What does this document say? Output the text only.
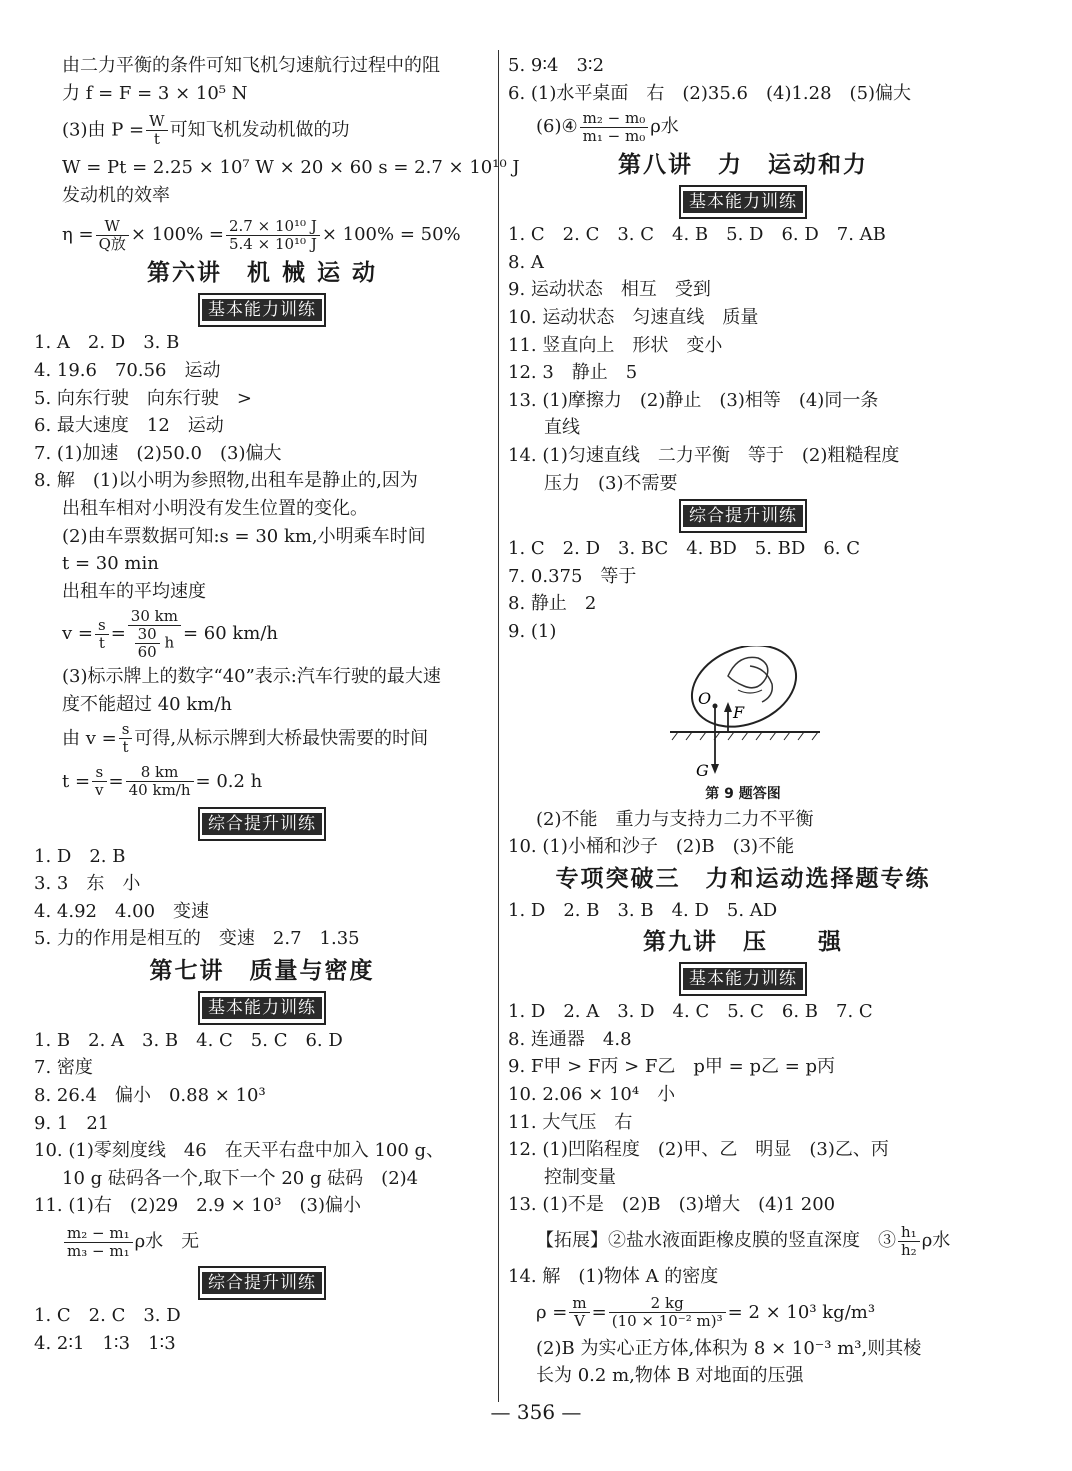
由二力平衡的条件可知飞机匀速航行过程中的阻
力 f = F = 3 × 10⁵ N
(3)由 $P = \frac{W}{t}$ 可知飞机发动机做的功
W = Pt = 2.25 × 10⁷ W × 20 × 60 s = 2.7 × 10¹⁰ J
发动机的效率
$\eta = \frac{W}{\text{Q放}} \times 100\% = \frac{\text{2.7 × 10¹⁰ J}}{\text{5.4 × 10¹⁰ J}} \times 100\% = 50\%$
第六讲　机 械 运 动
基本能力训练
1. A　2. D　3. B
4. 19.6　70.56　运动
5. 向东行驶　向东行驶　>
6. 最大速度　12　运动
7. (1)加速　(2)50.0　(3)偏大
8. 解　(1)以小明为参照物,出租车是静止的,因为
出租车相对小明没有发生位置的变化。
(2)由车票数据可知:s = 30 km,小明乘车时间
t = 30 min
出租车的平均速度
$v = \frac{s}{t} = \frac{30 km}{\frac{30}{60} h} = 60$ km/h
(3)标示牌上的数字“40”表示:汽车行驶的最大速
度不能超过 40 km/h
由 $v = \frac{s}{t}$ 可得,从标示牌到大桥最快需要的时间
$t = \frac{s}{v} = \frac{8 km}{40 km/h} = 0.2$ h
综合提升训练
1. D　2. B
3. 3　东　小
4. 4.92　4.00　变速
5. 力的作用是相互的　变速　2.7　1.35
第七讲　质量与密度
基本能力训练
1. B　2. A　3. B　4. C　5. C　6. D
7. 密度
8. 26.4　偏小　0.88 × 10³
9. 1　21
10. (1)零刻度线　46　在天平右盘中加入 100 g、
10 g 砝码各一个,取下一个 20 g 砝码　(2)4
11. (1)右　(2)29　2.9 × 10³　(3)偏小
$\frac{\text{m₂ − m₁}}{\text{m₃ − m₁}}$ ρ水　无
综合提升训练
1. C　2. C　3. D
4. 2∶1　1∶3　1∶3
5. 9∶4　3∶2
6. (1)水平桌面　右　(2)35.6　(4)1.28　(5)偏大
(6)④ $\frac{\text{m₂ − m₀}}{\text{m₁ − m₀}}$ ρ水
第八讲　力　运动和力
基本能力训练
1. C　2. C　3. C　4. B　5. D　6. D　7. AB
8. A
9. 运动状态　相互　受到
10. 运动状态　匀速直线　质量
11. 竖直向上　形状　变小
12. 3　静止　5
13. (1)摩擦力　(2)静止　(3)相等　(4)同一条
直线
14. (1)匀速直线　二力平衡　等于　(2)粗糙程度
压力　(3)不需要
综合提升训练
1. C　2. D　3. BC　4. BD　5. BD　6. C
7. 0.375　等于
8. 静止　2
9. (1)
O
F
G
第 9 题答图
(2)不能　重力与支持力二力不平衡
10. (1)小桶和沙子　(2)B　(3)不能
专项突破三　力和运动选择题专练
1. D　2. B　3. B　4. D　5. AD
第九讲　压　　强
基本能力训练
1. D　2. A　3. D　4. C　5. C　6. B　7. C
8. 连通器　4.8
9. F甲 > F丙 > F乙　p甲 = p乙 = p丙
10. 2.06 × 10⁴　小
11. 大气压　右
12. (1)凹陷程度　(2)甲、乙　明显　(3)乙、丙
控制变量
13. (1)不是　(2)B　(3)增大　(4)1 200
【拓展】②盐水液面距橡皮膜的竖直深度　③ $\frac{\text{h₁}}{\text{h₂}}$ ρ水
14. 解　(1)物体 A 的密度
$\rho = \frac{m}{V} = \frac{2 kg}{\text{(10 × 10⁻² m)³}} = 2 \times 10^3$ kg/m³
(2)B 为实心正方体,体积为 8 × 10⁻³ m³,则其棱
长为 0.2 m,物体 B 对地面的压强
— 356 —
